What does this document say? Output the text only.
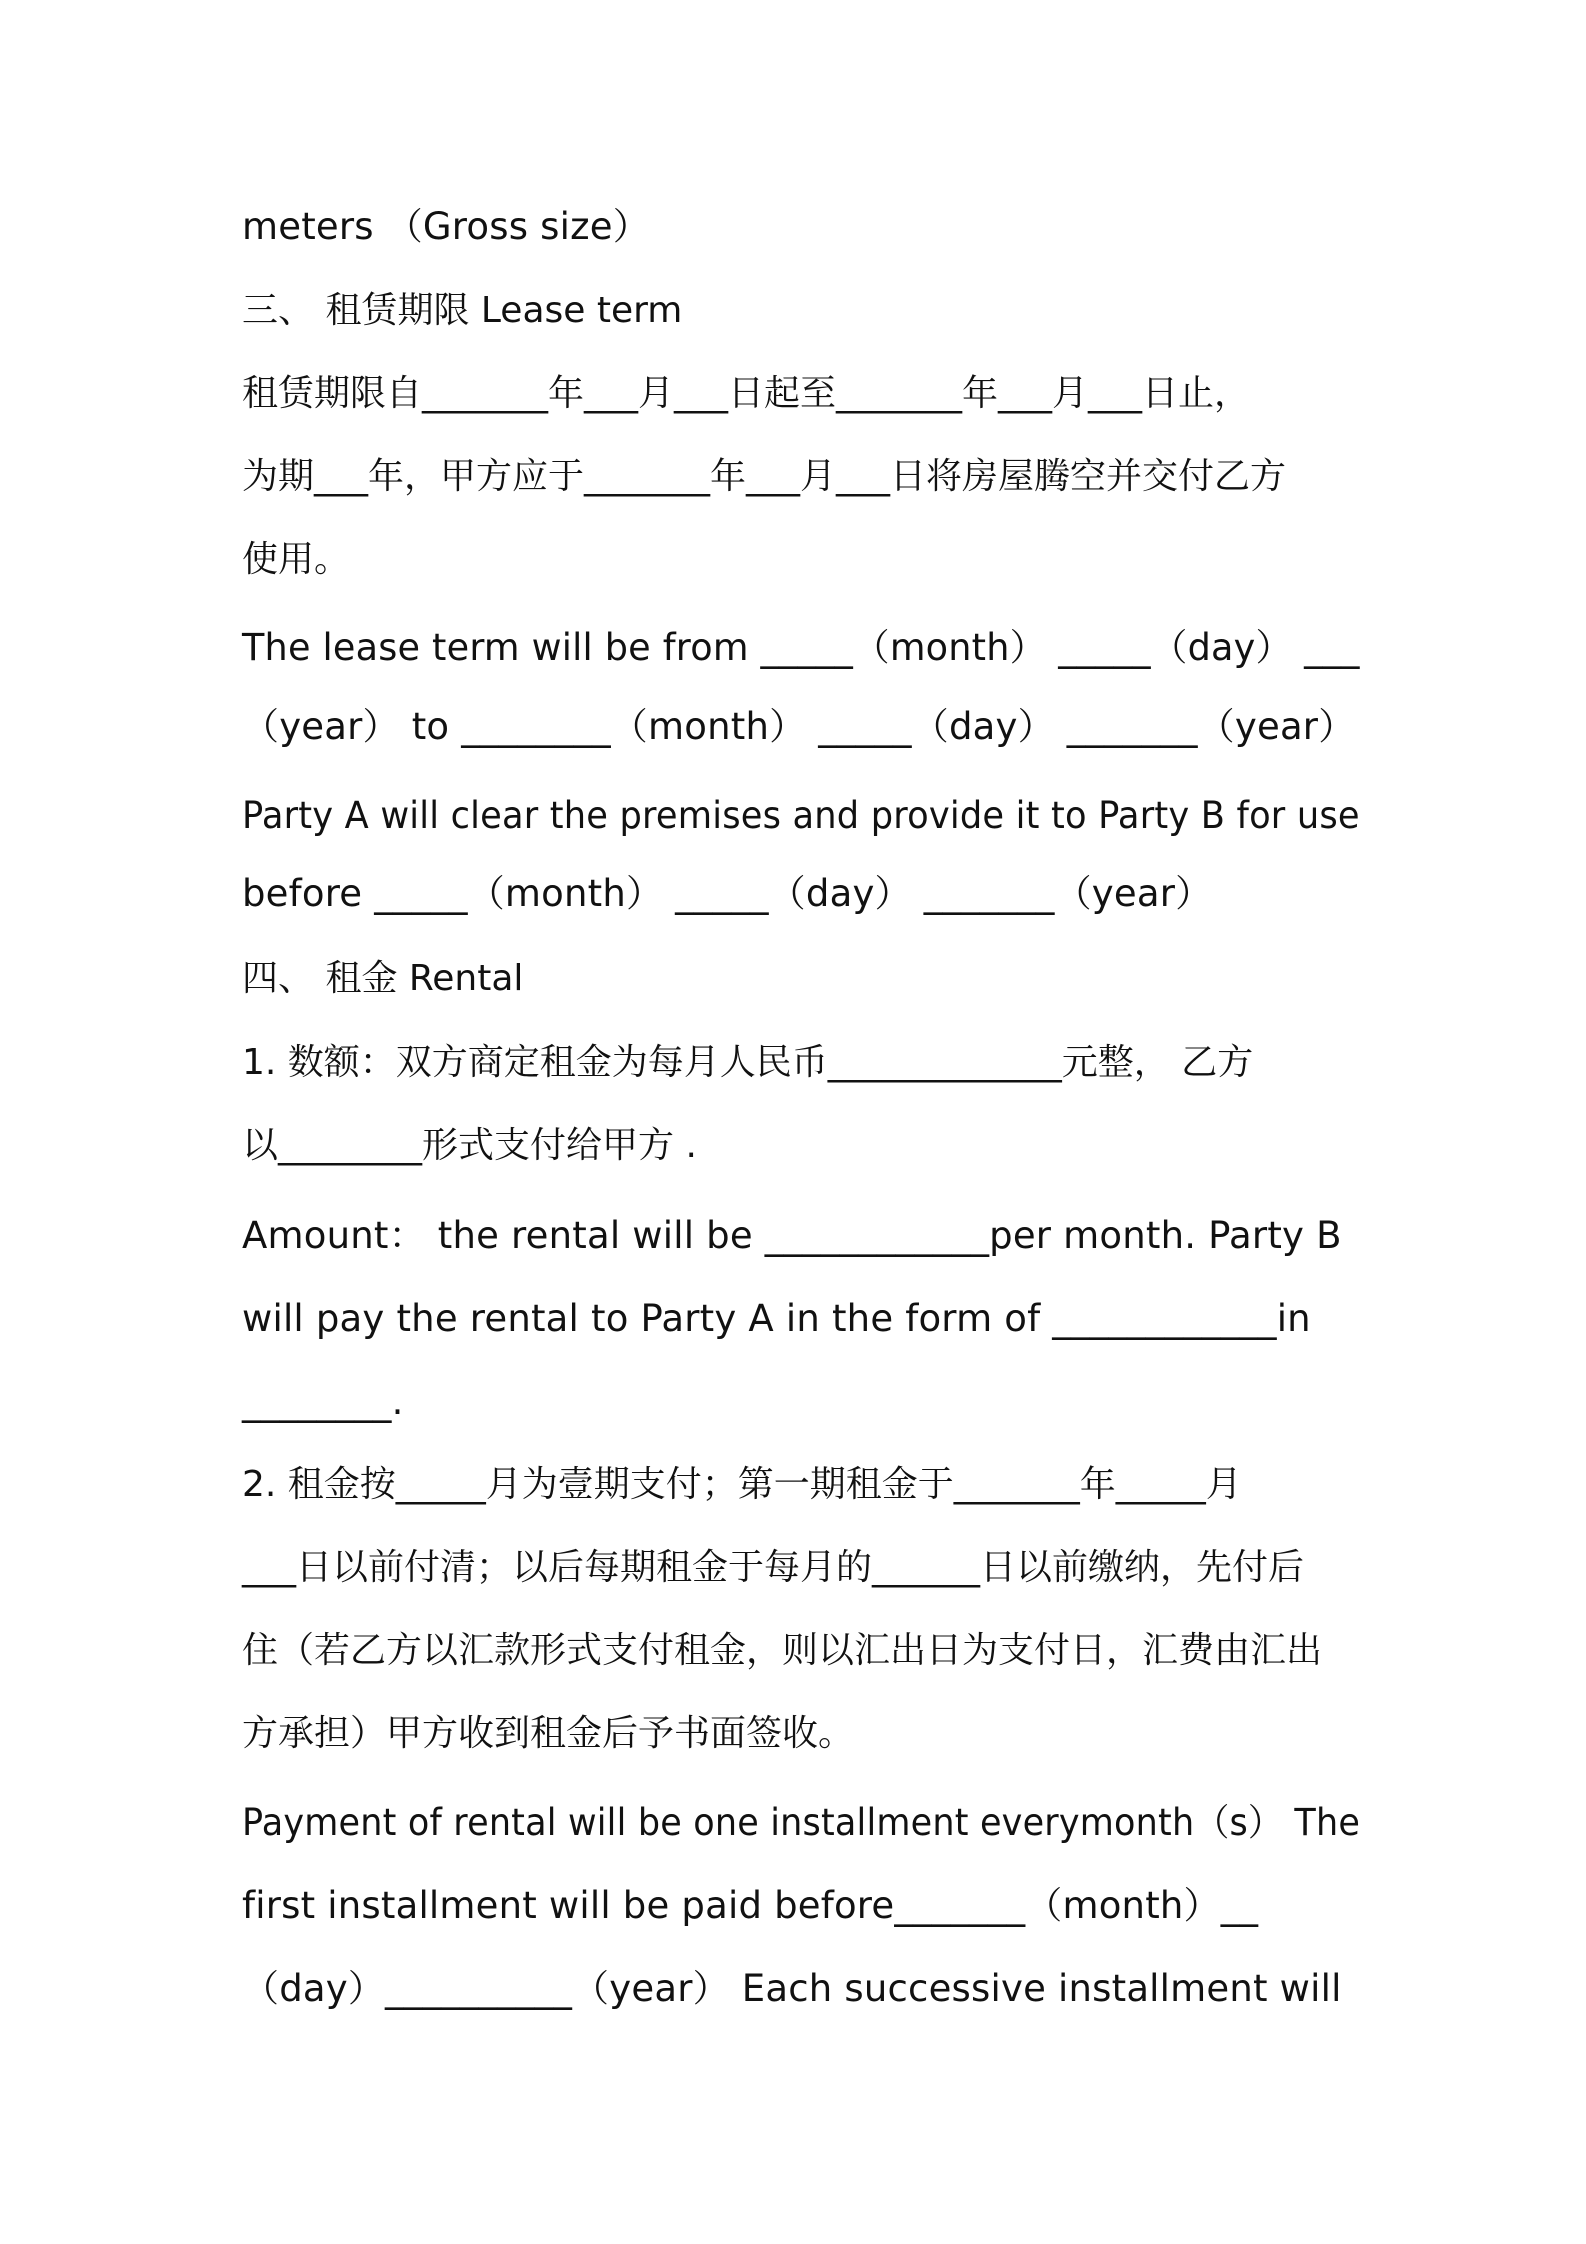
meters （Gross size）
三、 租赁期限 Lease term
租赁期限自_______年___月___日起至_______年___月___日止，
为期___年，甲方应于_______年___月___日将房屋腾空并交付乙方
使用。
The lease term will be from _____（month） _____（day） ___
（year） to ________（month） _____（day） _______（year）
Party A will clear the premises and provide it to Party B for use
before _____（month） _____（day） _______（year）
四、 租金 Rental
1. 数额：双方商定租金为每月人民币_____________元整， 乙方
以________形式支付给甲方 .
Amount： the rental will be ____________per month. Party B
will pay the rental to Party A in the form of ____________in
________.
2. 租金按_____月为壹期支付；第一期租金于_______年_____月
___日以前付清；以后每期租金于每月的______日以前缴纳，先付后
住（若乙方以汇款形式支付租金，则以汇出日为支付日，汇费由汇出
方承担）甲方收到租金后予书面签收。
Payment of rental will be one installment everymonth（s） The
first installment will be paid before_______（month）__
（day）__________（year） Each successive installment will
